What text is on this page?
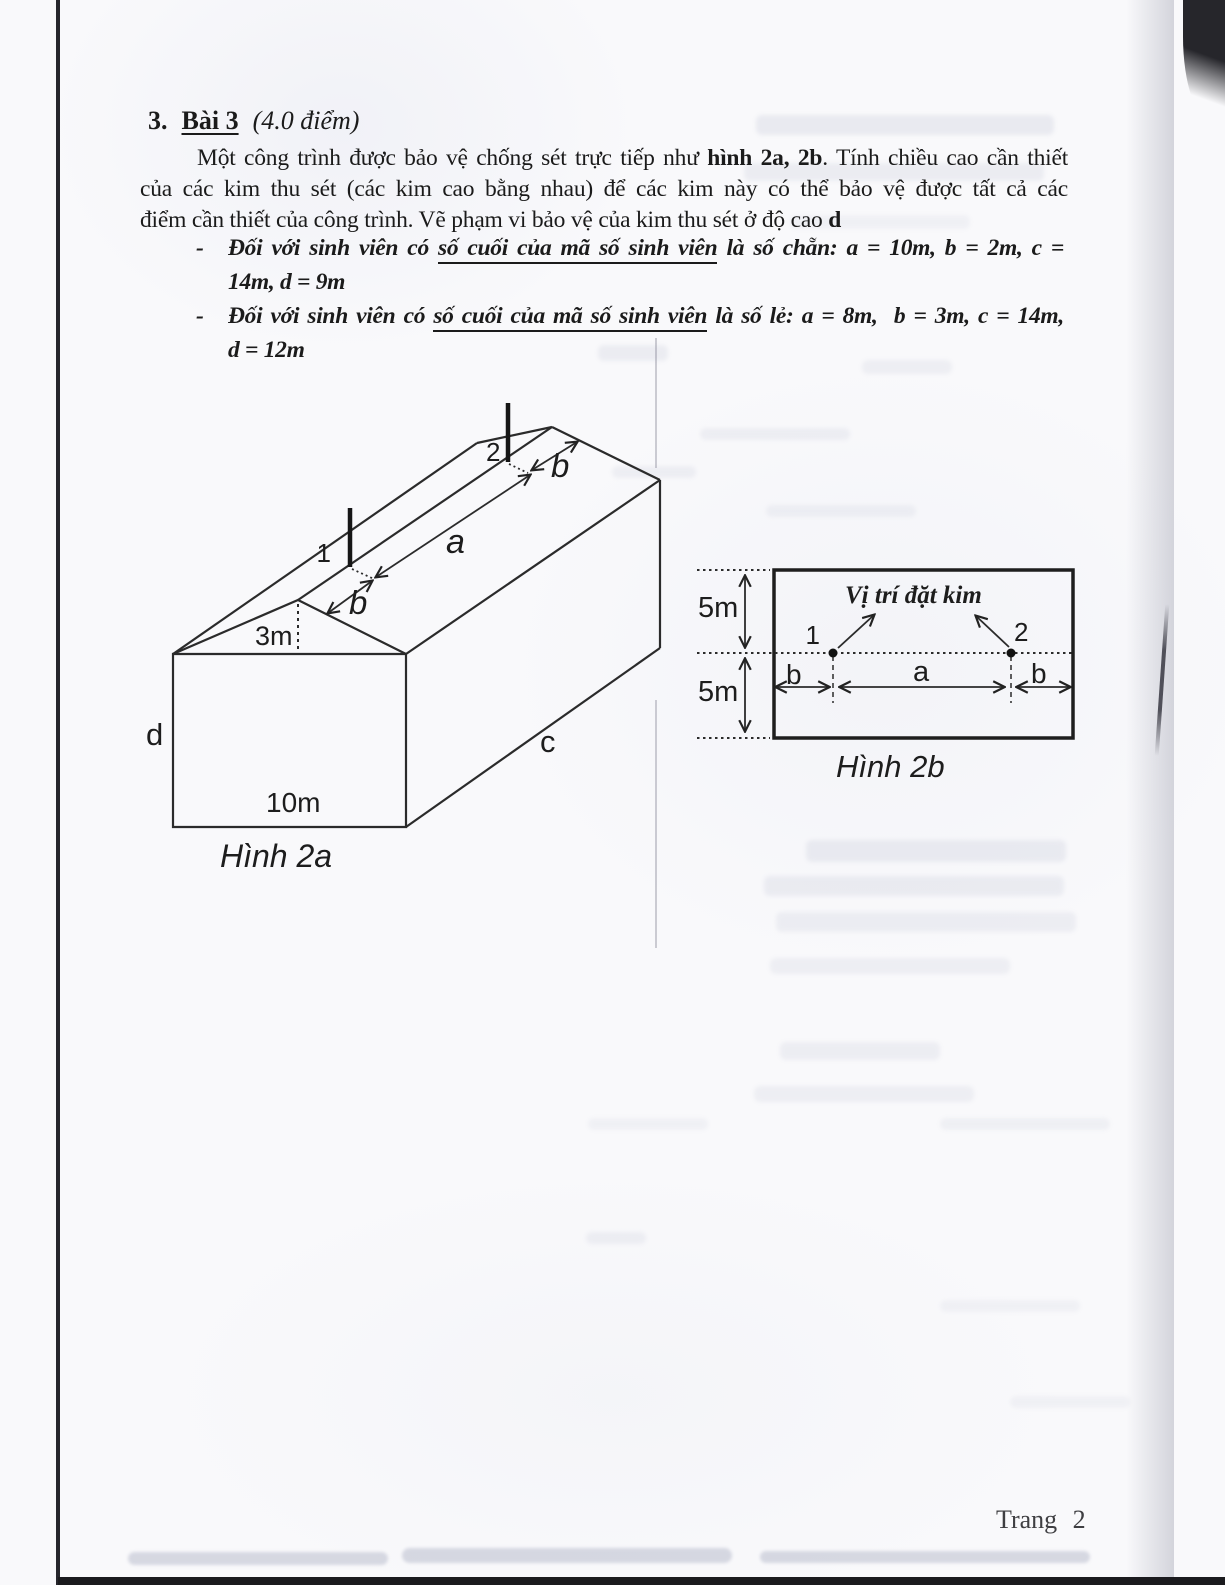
3. Bài 3 (4.0 điểm)
Một công trình được bảo vệ chống sét trực tiếp như hình 2a, 2b. Tính chiều cao cần thiết
của các kim thu sét (các kim cao bằng nhau) để các kim này có thể bảo vệ được tất cả các
điểm cần thiết của công trình. Vẽ phạm vi bảo vệ của kim thu sét ở độ cao d
-	Đối với sinh viên có số cuối của mã số sinh viên là số chẵn: a = 10m, b = 2m, c =
14m, d = 9m
-	Đối với sinh viên có số cuối của mã số sinh viên là số lẻ: a = 8m,  b = 3m, c = 14m,
d = 12m
1
2
a
b
b
3m
d	c
10m
Hình 2a
Vị trí đặt kim
5m
5m
1	2
b	a	b
Hình 2b
Trang 2
